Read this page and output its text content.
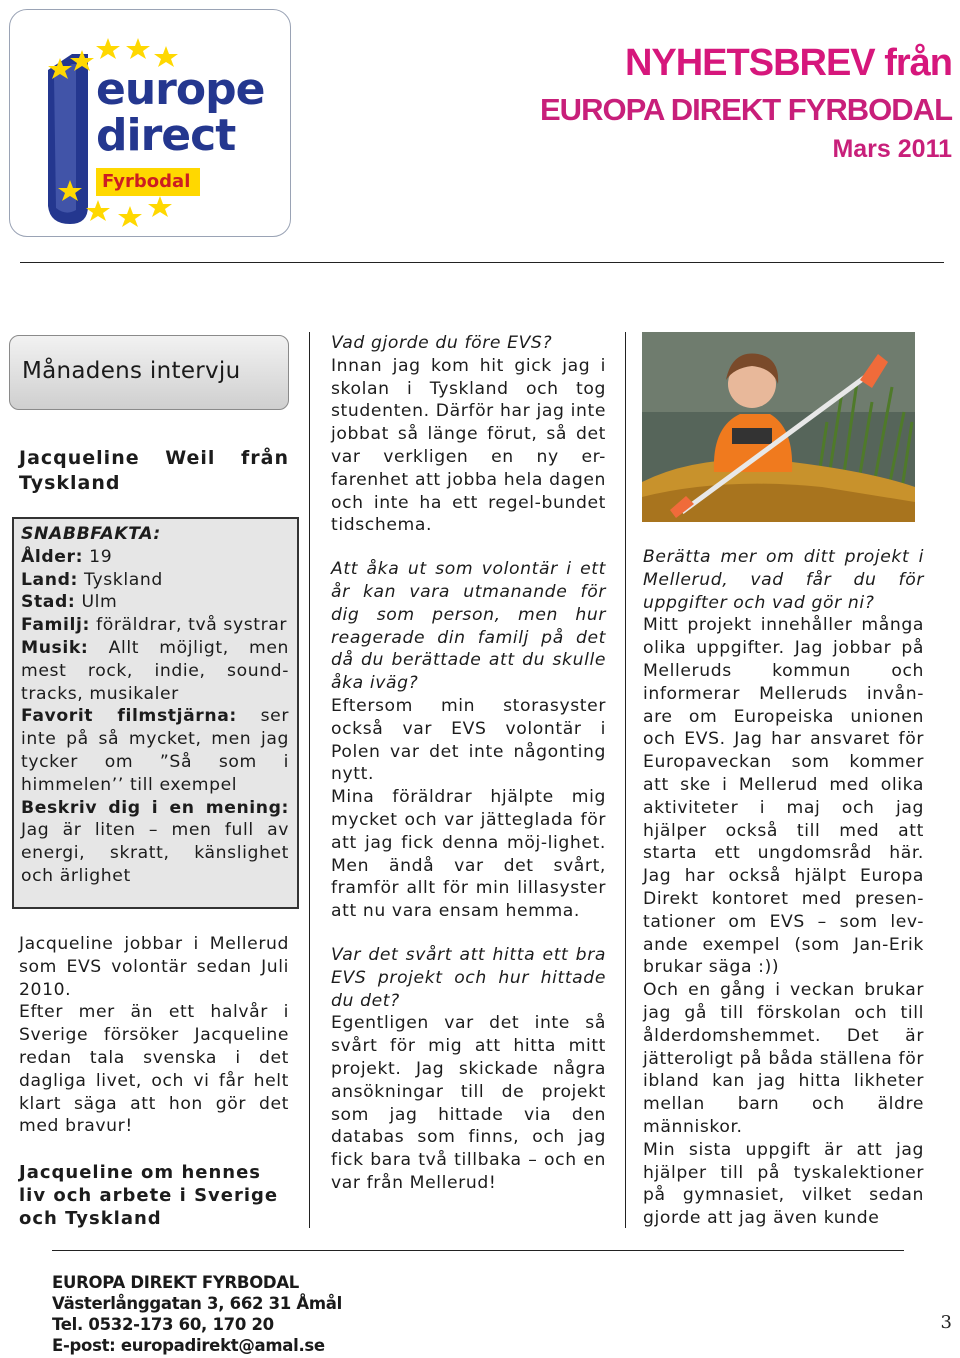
europe
direct
Fyrbodal
NYHETSBREV från
EUROPA DIREKT FYRBODAL
Mars 2011
Månadens intervju
Jacqueline Weil från
Tyskland
SNABBFAKTA:
Ålder: 19
Land: Tyskland
Stad: Ulm
Familj: föräldrar, två systrar
Musik: Allt möjligt, men mest rock, indie, sound-tracks, musikaler
Favorit filmstjärna: ser inte på så mycket, men jag tycker om ”Så som i himmelen’’ till exempel
Beskriv dig i en mening: Jag är liten – men full av energi, skratt, känslighet och ärlighet

Jacqueline jobbar i Mellerud som EVS volontär sedan Juli 2010.

Efter mer än ett halvår i Sverige försöker Jacqueline redan tala svenska i det dagliga livet, och vi får helt klart säga att hon gör det med bravur!

Jacqueline om hennes liv och arbete i Sverige och Tyskland

Vad gjorde du före EVS?

Innan jag kom hit gick jag i skolan i Tyskland och tog studenten. Därför har jag inte jobbat så länge förut, så det var verkligen en ny er-farenhet att jobba hela dagen och inte ha ett regel-bundet tidschema.

Att åka ut som volontär i ett år kan vara utmanande för dig som person, men hur reagerade din familj på det då du berättade att du skulle åka iväg?

Eftersom min storasyster också var EVS volontär i Polen var det inte någonting nytt.

Mina föräldrar hjälpte mig mycket och var jätteglada för att jag fick denna möj-lighet. Men ändå var det svårt, framför allt för min lillasyster att nu vara ensam hemma.

Var det svårt att hitta ett bra EVS projekt och hur hittade du det?

Egentligen var det inte så svårt för mig att hitta mitt projekt. Jag skickade några ansökningar till de projekt som jag hittade via den databas som finns, och jag fick bara två tillbaka – och en var från Mellerud!

Berätta mer om ditt projekt i Mellerud, vad får du för uppgifter och vad gör ni?

Mitt projekt innehåller många olika uppgifter. Jag jobbar på Melleruds kommun och informerar Melleruds invån-are om Europeiska unionen och EVS. Jag har ansvaret för Europaveckan som kommer att ske i Mellerud med olika aktiviteter i maj och jag hjälper också till med att starta ett ungdomsråd här. Jag har också hjälpt Europa Direkt kontoret med presen-tationer om EVS – som lev-ande exempel (som Jan-Erik brukar säga :))

Och en gång i veckan brukar jag gå till förskolan och till ålderdomshemmet. Det är jätteroligt på båda ställena för ibland kan jag hitta likheter mellan barn och äldre människor.

Min sista uppgift är att jag hjälper till på tyskalektioner på gymnasiet, vilket sedan gjorde att jag även kunde

EUROPA DIREKT FYRBODAL
Västerlånggatan 3, 662 31 Åmål
Tel. 0532-173 60, 170 20
E-post: europadirekt@amal.se
3
